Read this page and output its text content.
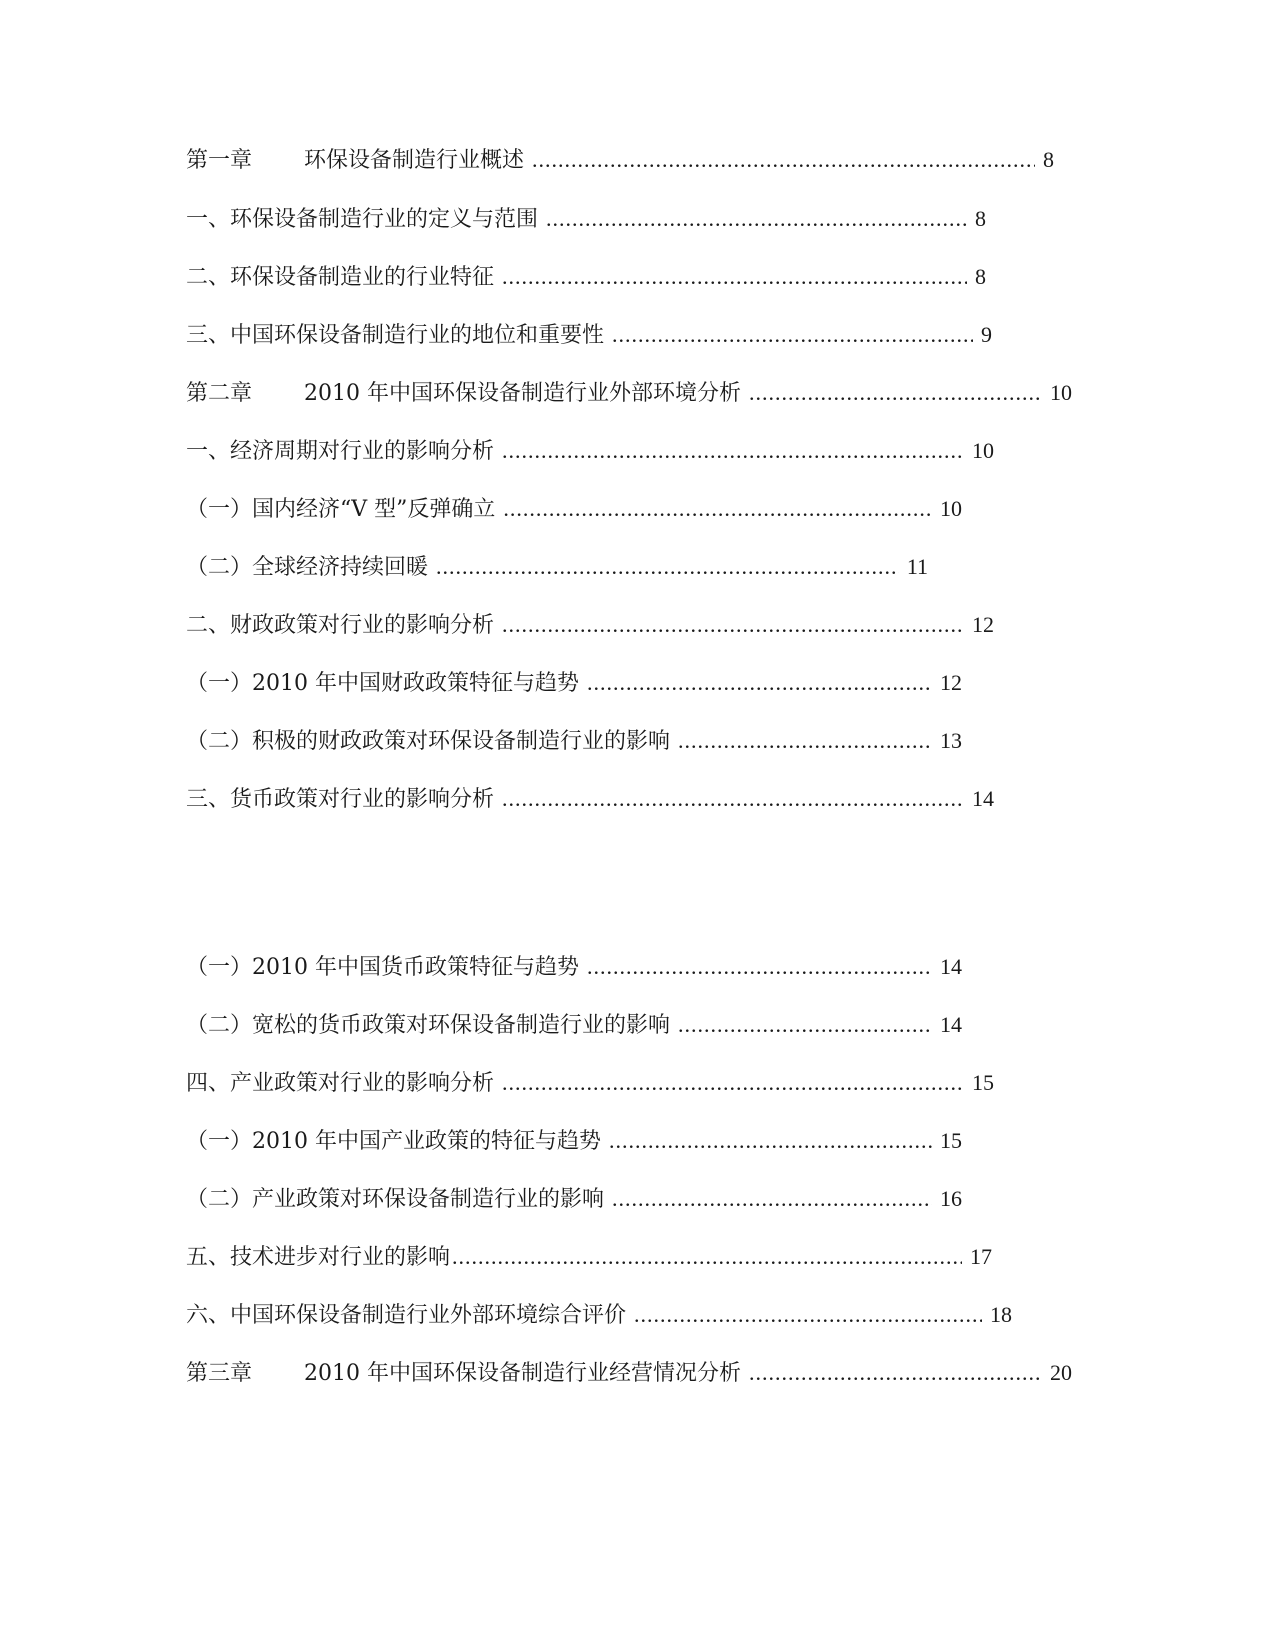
第一章 环保设备制造行业概述 .....	8
一、环保设备制造行业的定义与范围 .....	8
二、环保设备制造业的行业特征 .....	8
三、中国环保设备制造行业的地位和重要性 .....	9
第二章 2010 年中国环保设备制造行业外部环境分析 .....	10
一、经济周期对行业的影响分析 .....	10
（一）国内经济“V 型”反弹确立 .....	10
（二）全球经济持续回暖 .....	11
二、财政政策对行业的影响分析 .....	12
（一）2010 年中国财政政策特征与趋势 .....	12
（二）积极的财政政策对环保设备制造行业的影响 .....	13
三、货币政策对行业的影响分析 .....	14
（一）2010 年中国货币政策特征与趋势 .....	14
（二）宽松的货币政策对环保设备制造行业的影响 .....	14
四、产业政策对行业的影响分析 .....	15
（一）2010 年中国产业政策的特征与趋势 .....	15
（二）产业政策对环保设备制造行业的影响 .....	16
五、技术进步对行业的影响 .....	17
六、中国环保设备制造行业外部环境综合评价 .....	18
第三章 2010 年中国环保设备制造行业经营情况分析 .....	20
